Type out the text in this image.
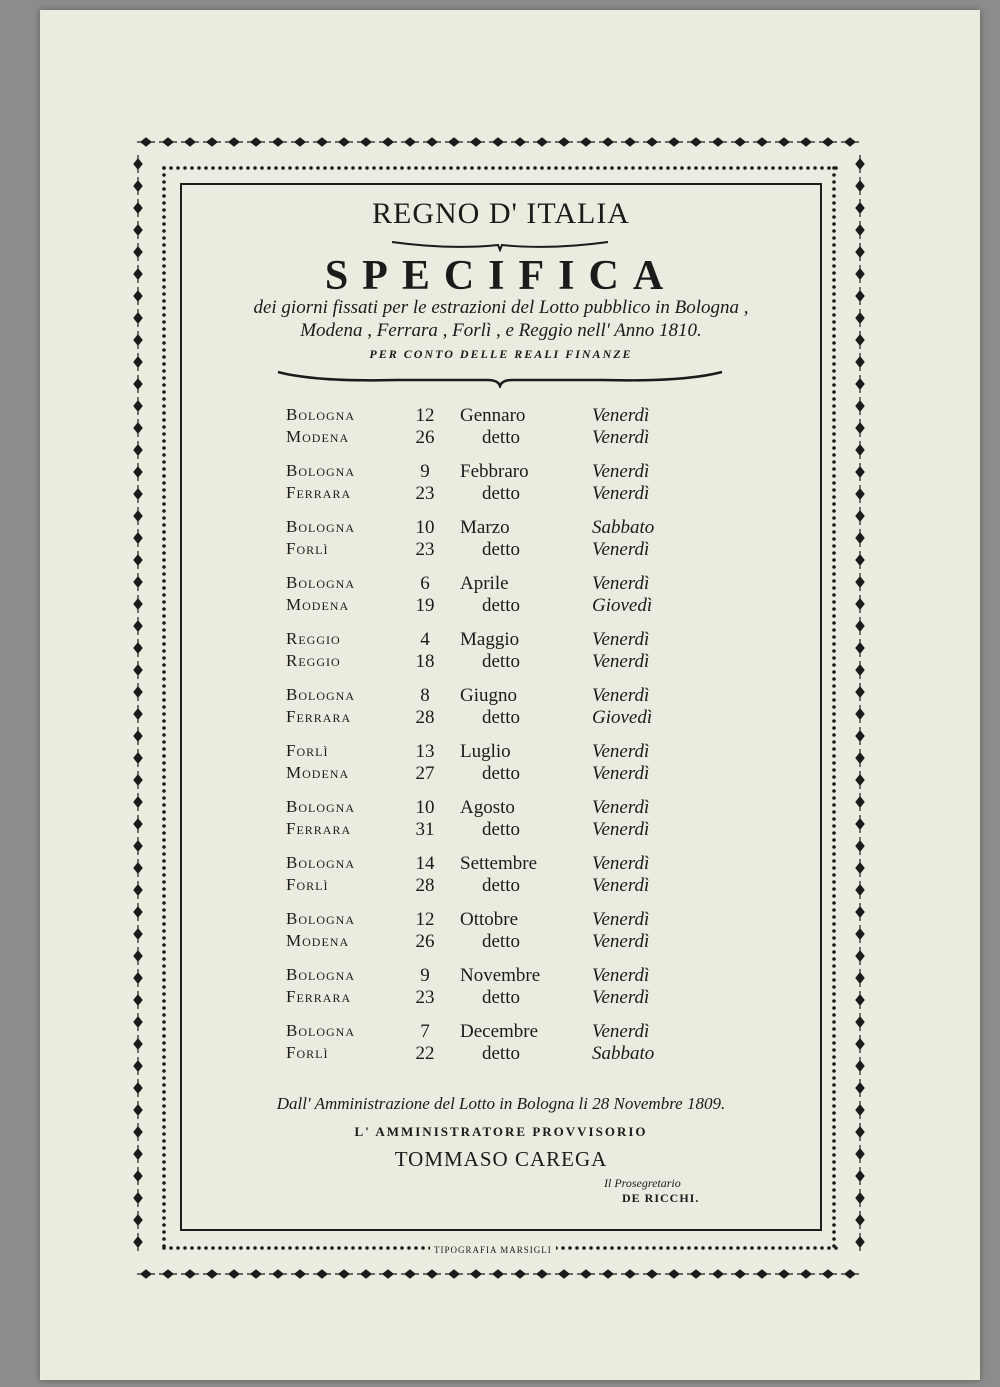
REGNO D' ITALIA
SPECIFICA
dei giorni fissati per le estrazioni del Lotto pubblico in Bologna ,
Modena , Ferrara , Forlì , e Reggio nell' Anno 1810.
PER CONTO DELLE REALI FINANZE
Bologna	12	Gennaro	Venerdì
Modena	26	detto	Venerdì
Bologna	9	Febbraro	Venerdì
Ferrara	23	detto	Venerdì
Bologna	10	Marzo	Sabbato
Forlì	23	detto	Venerdì
Bologna	6	Aprile	Venerdì
Modena	19	detto	Giovedì
Reggio	4	Maggio	Venerdì
Reggio	18	detto	Venerdì
Bologna	8	Giugno	Venerdì
Ferrara	28	detto	Giovedì
Forlì	13	Luglio	Venerdì
Modena	27	detto	Venerdì
Bologna	10	Agosto	Venerdì
Ferrara	31	detto	Venerdì
Bologna	14	Settembre	Venerdì
Forlì	28	detto	Venerdì
Bologna	12	Ottobre	Venerdì
Modena	26	detto	Venerdì
Bologna	9	Novembre	Venerdì
Ferrara	23	detto	Venerdì
Bologna	7	Decembre	Venerdì
Forlì	22	detto	Sabbato
Dall' Amministrazione del Lotto in Bologna li 28 Novembre 1809.
L' AMMINISTRATORE PROVVISORIO
TOMMASO CAREGA
Il Prosegretario
DE RICCHI.
TIPOGRAFIA MARSIGLI
